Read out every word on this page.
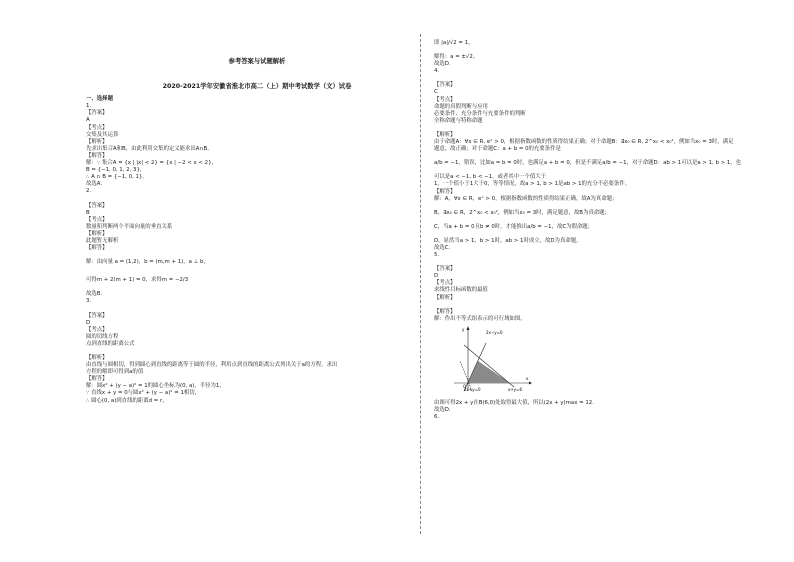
参考答案与试题解析
2020-2021学年安徽省淮北市高二（上）期中考试数学（文）试卷
一、选择题
1.
【答案】
A
【考点】
交集及其运算
【解析】
先求出集合A和B，由此利用交集的定义能求出A∩B。
【解答】
解：∵ 集合A = {x | |x| < 2} = {x | −2 < x < 2}，
B = {−1, 0, 1, 2, 3}，
∴ A ∩ B = {−1, 0, 1}。
故选A.
2.
【答案】
B
【考点】
数量积判断两个平面向量的垂直关系
【解析】
此题暂无解析
【解答】
解：由向量 a = (1,2)，b = (m,m + 1)，a ⊥ b，
可得m + 2(m + 1) = 0，求得m = −2/3
故选B.
3.
【答案】
D
【考点】
圆的切线方程
点到直线的距离公式
【解析】
由直线与圆相切，得到圆心到直线的距离等于圆的半径，利用点到直线的距离公式列出关于a的方程，求出
方程的解即可得到a的值
【解答】
解：圆x² + (y − a)² = 1的圆心坐标为(0, a)，半径为1，
∵ 直线x + y = 0与圆x² + (y − a)² = 1相切，
∴ 圆心(0, a)到直线的距离d = r，
即 |a|/√2 = 1，
解得：a = ±√2。
故选D.
4.
【答案】
C
【考点】
命题的真假判断与应用
必要条件、充分条件与充要条件的判断
全称命题与特称命题
【解析】
由于命题A：∀x ∈ R, eˣ > 0，根据指数函数的性质得结果正确；对于命题B：∃x₀ ∈ R, 2^x₀ < x₀²，例如当x₀ = 3时，满足
题意，故正确；对于命题C：a + b = 0的充要条件是
a/b = −1，错误，比如a = b = 0时，也满足a + b = 0，但是不满足a/b = −1，对于命题D：ab > 1可以是a > 1, b > 1，也
可以是a < −1, b < −1，或者其中一个值大于
1，一个值小于1大于0，等等情况，故a > 1, b > 1是ab > 1的充分不必要条件。
【解答】
解：A，∀x ∈ R，eˣ > 0，根据指数函数的性质得结果正确，故A为真命题；
B，∃x₀ ∈ R，2^x₀ < x₀²，例如当x₀ = 3时，满足题意，故B为真命题；
C，当a + b = 0且b ≠ 0时，才能推出a/b = −1，故C为假命题；
D，显然当a > 1，b > 1时，ab > 1时成立，故D为真命题。
故选C.
5.
【答案】
D
【考点】
求线性目标函数的最值
【解析】
【解答】
解：作出不等式组表示的可行域如图，
2x−y=0
2x+y=0	x+y=6
y
x
O
由图可得2x + y在B(6,0)处取得最大值，所以(2x + y)max = 12.
故选D.
6.
